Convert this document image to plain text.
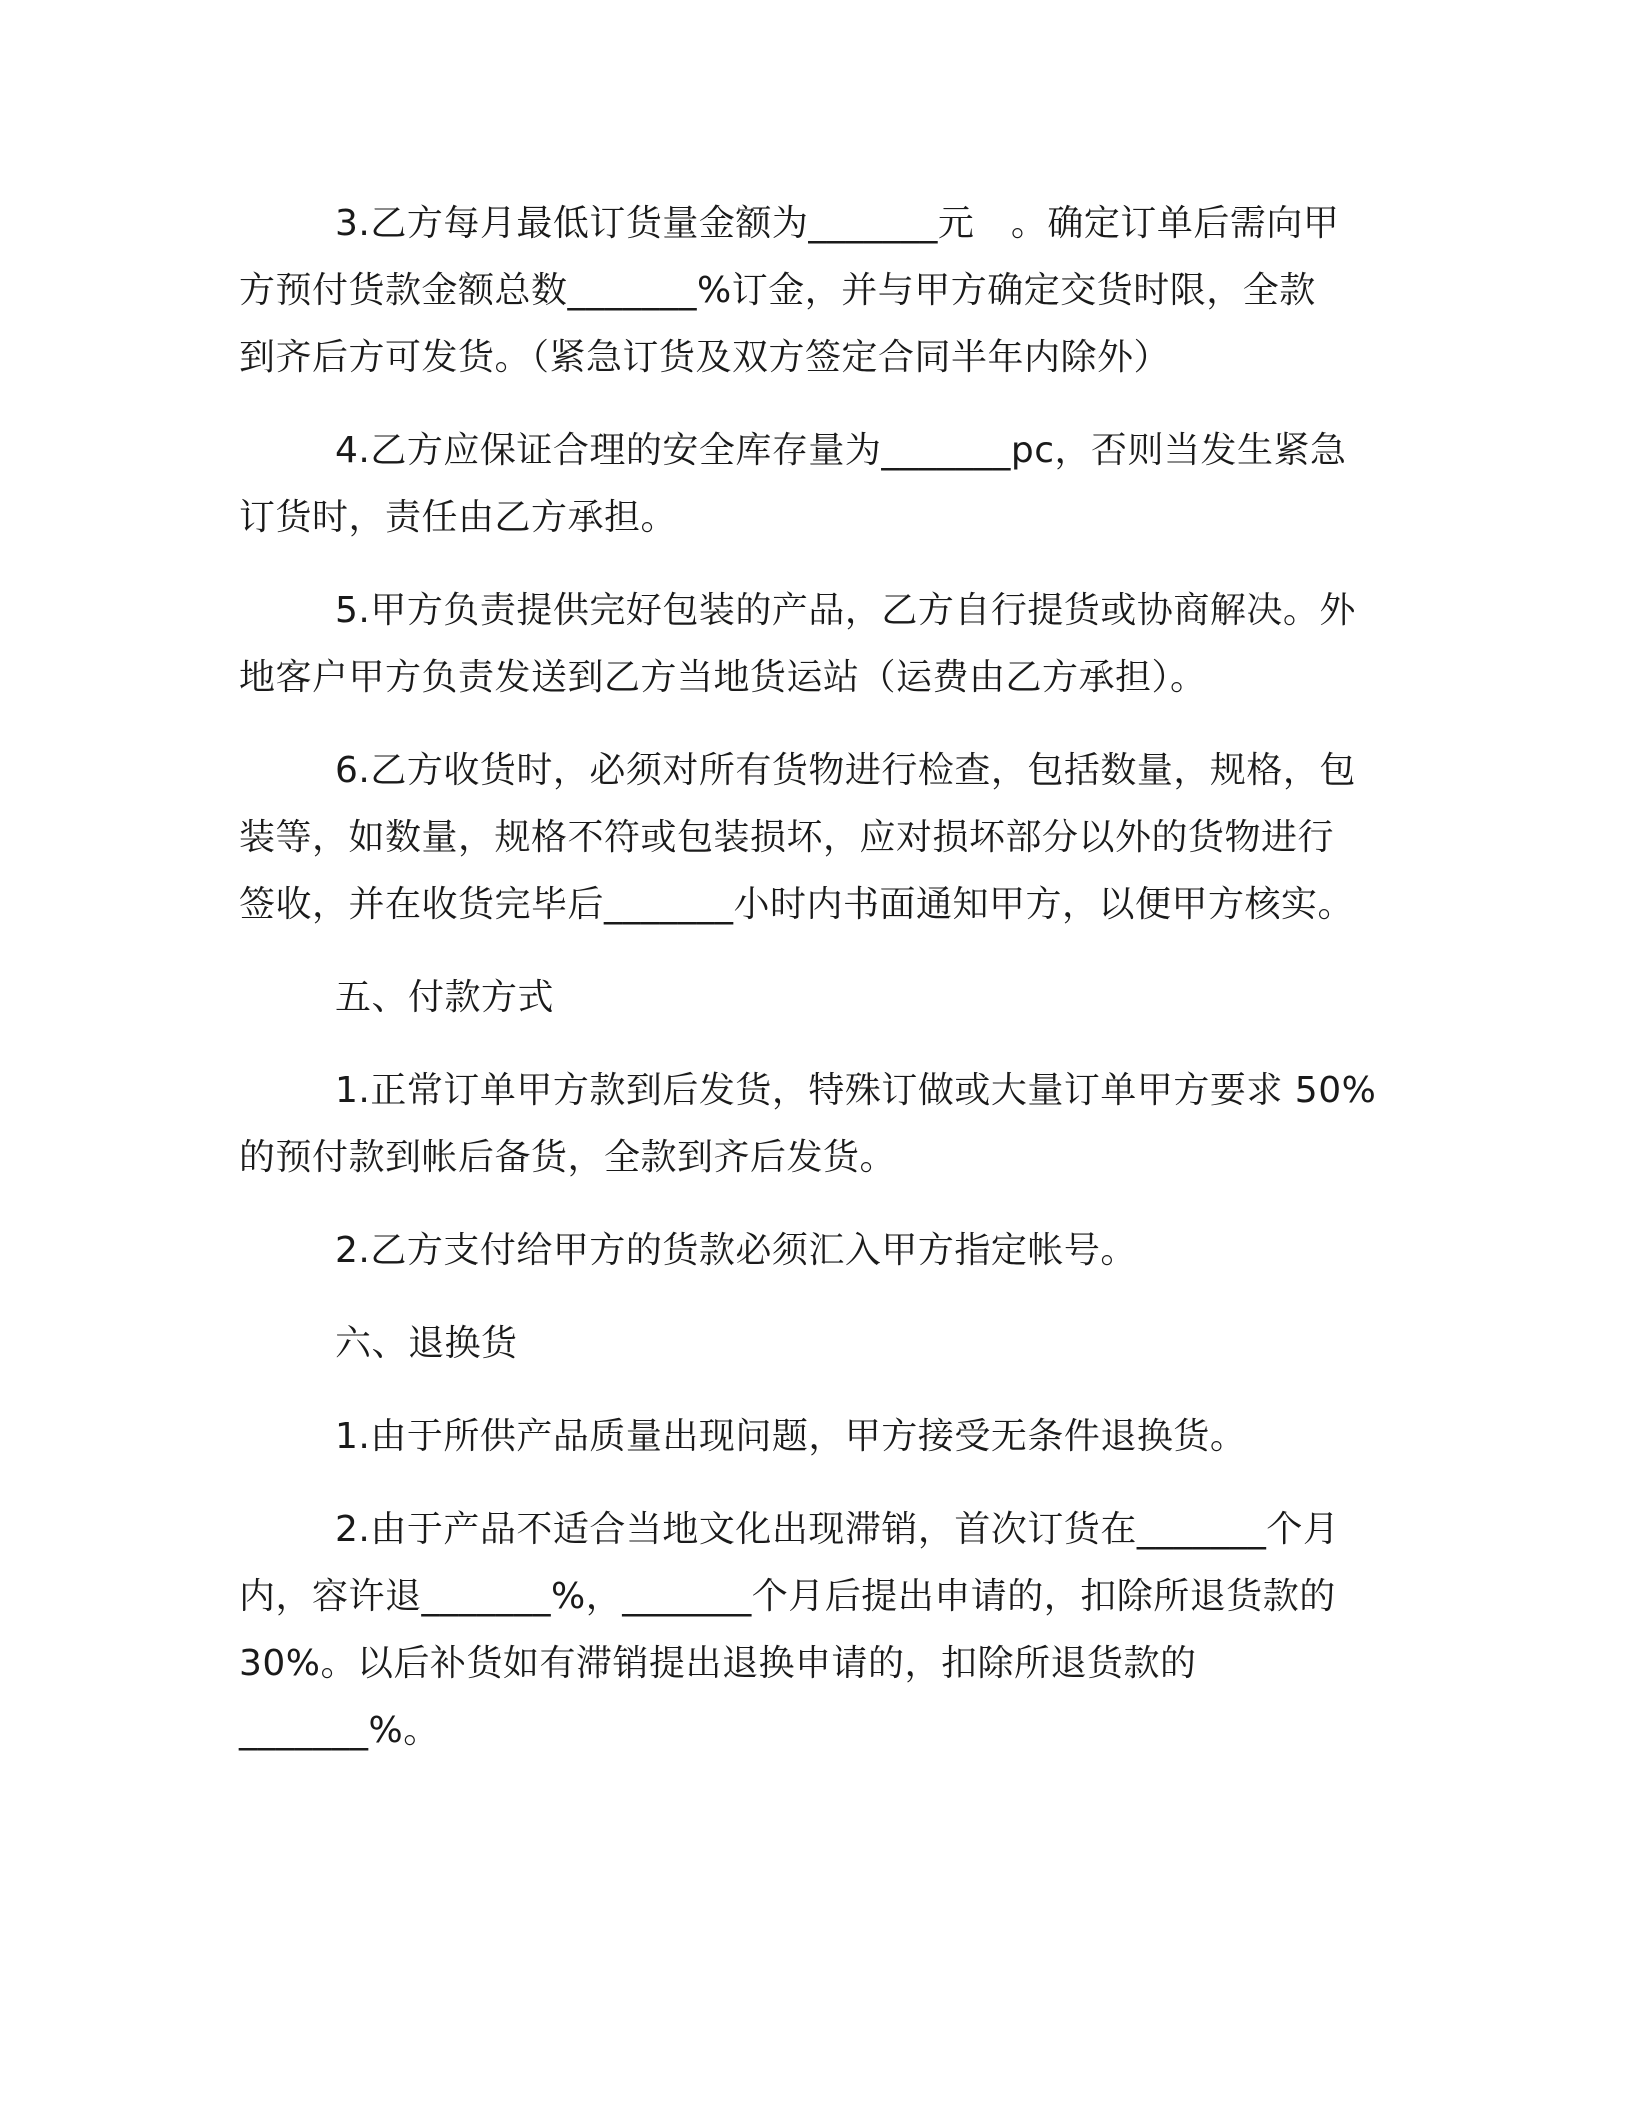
3.乙方每月最低订货量金额为_______元　。确定订单后需向甲
方预付货款金额总数_______%订金，并与甲方确定交货时限，全款
到齐后方可发货。（紧急订货及双方签定合同半年内除外）

4.乙方应保证合理的安全库存量为_______pc，否则当发生紧急
订货时，责任由乙方承担。

5.甲方负责提供完好包装的产品，乙方自行提货或协商解决。外
地客户甲方负责发送到乙方当地货运站（运费由乙方承担）。

6.乙方收货时，必须对所有货物进行检查，包括数量，规格，包
装等，如数量，规格不符或包装损坏，应对损坏部分以外的货物进行
签收，并在收货完毕后_______小时内书面通知甲方，以便甲方核实。

五、付款方式

1.正常订单甲方款到后发货，特殊订做或大量订单甲方要求 50%
的预付款到帐后备货，全款到齐后发货。

2.乙方支付给甲方的货款必须汇入甲方指定帐号。

六、退换货

1.由于所供产品质量出现问题，甲方接受无条件退换货。

2.由于产品不适合当地文化出现滞销，首次订货在_______个月
内，容许退_______%，_______个月后提出申请的，扣除所退货款的
30%。以后补货如有滞销提出退换申请的，扣除所退货款的
_______%。
